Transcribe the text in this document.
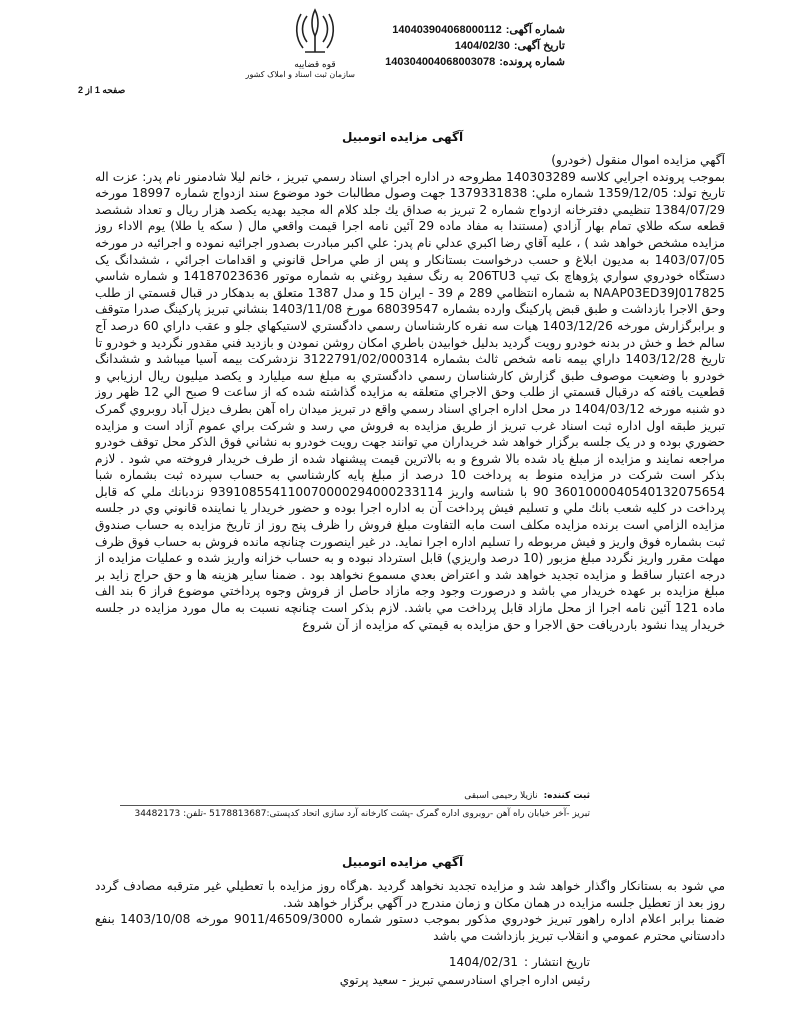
شماره آگهی:140403904068000112
تاریخ آگهی:1404/02/30
شماره پرونده:140304004068003078
قوه قضاییه
سازمان ثبت اسناد و املاک کشور
صفحه 1 از 2
آگهی مزایده اتومبیل
آگهي مزايده اموال منقول (خودرو)
بموجب پرونده اجرايي كلاسه 140303289 مطروحه در اداره اجراي اسناد رسمي تبريز ، خانم ليلا شادمنور نام پدر: عزت اله تاريخ تولد: 1359/12/05 شماره ملي: 1379331838 جهت وصول مطالبات خود موضوع سند ازدواج شماره 18997 مورخه 1384/07/29 تنظيمي دفترخانه ازدواج شماره 2 تبريز به صداق يك جلد كلام اله مجيد بهديه يكصد هزار ريال و تعداد ششصد قطعه سكه طلاي تمام بهار آزادي (مستندا به مفاد ماده 29 آئين نامه اجرا قيمت واقعي مال ( سكه يا طلا) يوم الاداء روز مزايده مشخص خواهد شد ) ، عليه آقاي رضا اكبري عدلي نام پدر: علي اكبر مبادرت بصدور اجرائيه نموده و اجرائيه در مورخه 1403/07/05 به مديون ابلاغ و حسب درخواست بستانكار و پس از طي مراحل قانوني و اقدامات اجرائي ، ششدانگ يک دستگاه خودروي سواري پژوهاچ بک تیپ 206TU3 به رنگ سفيد روغني به شماره موتور 14187023636 و شماره شاسي NAAP03ED39J017825 به شماره انتظامي 289 م 39 - ايران 15 و مدل 1387 متعلق به بدهكار در قبال قسمتي از طلب وحق الاجرا بازداشت و طبق قبض پاركينگ وارده بشماره 68039547 مورخ 1403/11/08 بنشاني تبريز پاركينگ صدرا متوقف و برابرگزارش مورخه 1403/12/26 هيات سه نفره كارشناسان رسمي دادگستري لاستيكهاي جلو و عقب داراي 60 درصد آج سالم خط و خش در بدنه خودرو رويت گرديد بدليل خوابيدن باطري امكان روشن نمودن و بازديد فني مقدور نگرديد و خودرو تا تاريخ 1403/12/28 داراي بيمه نامه شخص ثالث بشماره 3122791/02/000314 نزدشركت بيمه آسيا ميباشد و ششدانگ خودرو با وضعيت موصوف طبق گزارش كارشناسان رسمي دادگستري به مبلغ سه ميليارد و يكصد ميليون ريال ارزيابي و قطعيت يافته كه درقبال قسمتي از طلب وحق الاجراي متعلقه به مزايده گذاشته شده كه از ساعت 9 صبح الي 12 ظهر روز دو شنبه مورخه 1404/03/12 در محل اداره اجراي اسناد رسمي واقع در تبريز ميدان راه آهن بطرف ديزل آباد روبروي گمرک تبريز طبقه اول اداره ثبت اسناد غرب تبريز از طريق مزايده به فروش مي رسد و شركت براي عموم آزاد است و مزايده حضوري بوده و در يک جلسه برگزار خواهد شد خريداران مي توانند جهت رويت خودرو به نشاني فوق الذكر محل توقف خودرو مراجعه نمايند و مزايده از مبلغ ياد شده بالا شروع و به بالاترين قيمت پيشنهاد شده از طرف خريدار فروخته مي شود . لازم بذكر است شركت در مزايده منوط به پرداخت 10 درصد از مبلغ پايه كارشناسي به حساب سپرده ثبت بشماره شبا 3601000040540132075654 90 با شناسه واريز 939108554110070000294000233114 نزدبانك ملي كه قابل پرداخت در كليه شعب بانك ملي و تسليم فيش پرداخت آن به اداره اجرا بوده و حضور خريدار يا نماينده قانوني وي در جلسه مزايده الزامي است برنده مزايده مكلف است مابه التفاوت مبلغ فروش را ظرف پنج روز از تاريخ مزايده به حساب صندوق ثبت بشماره فوق واريز و فيش مربوطه را تسليم اداره اجرا نمايد. در غير اينصورت چنانچه مانده فروش به حساب فوق ظرف مهلت مقرر واريز نگردد مبلغ مزبور (10 درصد واريزي) قابل استرداد نبوده و به حساب خزانه واريز شده و عمليات مزايده از درجه اعتبار ساقط و مزايده تجديد خواهد شد و اعتراض بعدي مسموع نخواهد بود . ضمنا ساير هزينه ها و حق حراج زايد بر مبلغ مزايده بر عهده خريدار مي باشد و درصورت وجود وجه مازاد حاصل از فروش وجوه پرداختي موضوع فراز 6 بند الف ماده 121 آئين نامه اجرا از محل مازاد قابل پرداخت مي باشد. لازم بذكر است چنانچه نسبت به مال مورد مزايده در جلسه خريدار پيدا نشود باردريافت حق الاجرا و حق مزايده به قيمتي كه مزايده از آن شروع
ثبت کننده:نازیلا رحیمی اسبقی
تبریز -آخر خیابان راه آهن -روبروی اداره گمرک -پشت کارخانه آرد سازی اتحاد کدپستی:5178813687 -تلفن: 34482173
آگهي مزايده اتومبيل
مي شود به بستانكار واگذار خواهد شد و مزايده تجديد نخواهد گرديد .هرگاه روز مزايده با تعطيلي غير مترقبه مصادف گردد روز بعد از تعطيل جلسه مزايده در همان مكان و زمان مندرج در آگهي برگزار خواهد شد.
ضمنا برابر اعلام اداره راهور تبريز خودروي مذكور بموجب دستور شماره 9011/46509/3000 مورخه 1403/10/08 بنفع دادستاني محترم عمومي و انقلاب تبريز بازداشت مي باشد
تاریخ انتشار :1404/02/31
رئيس اداره اجراي اسنادرسمي تبريز - سعيد پرتوي
